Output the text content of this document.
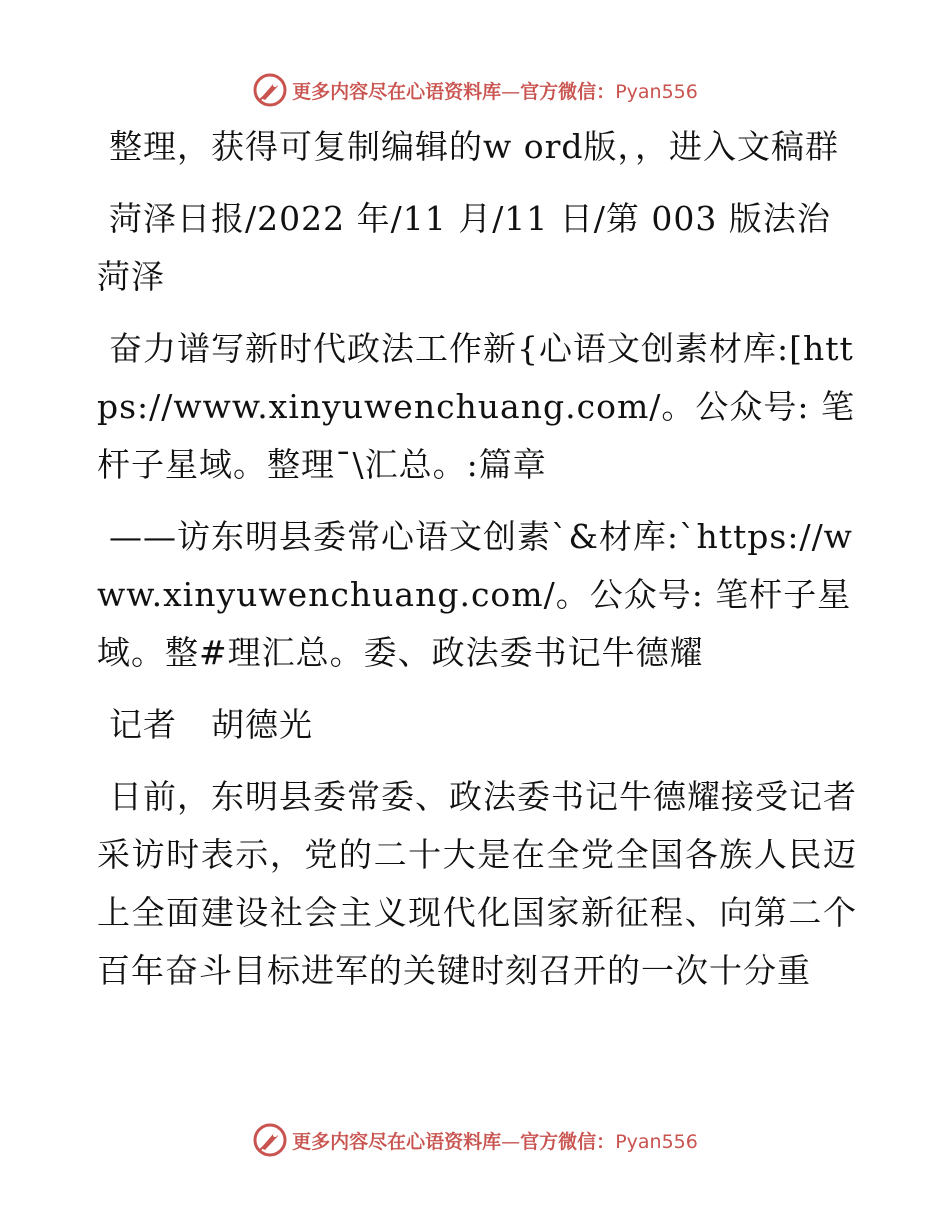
更多内容尽在心语资料库—官方微信：Pyan556

整理，获得可复制编辑的w ord版，，进入文稿群

菏泽日报/2022 年/11 月/11 日/第 003 版法治菏泽

奋力谱写新时代政法工作新{心语文创素材库:[https://www.xinyuwenchuang.com/。公众号: 笔杆子星域。整理¯\汇总。:篇章

——访东明县委常心语文创素`&材库:`https://www.xinyuwenchuang.com/。公众号: 笔杆子星域。整#理汇总。委、政法委书记牛德耀

记者　胡德光

日前，东明县委常委、政法委书记牛德耀接受记者采访时表示，党的二十大是在全党全国各族人民迈上全面建设社会主义现代化国家新征程、向第二个百年奋斗目标进军的关键时刻召开的一次十分重

更多内容尽在心语资料库—官方微信：Pyan556
